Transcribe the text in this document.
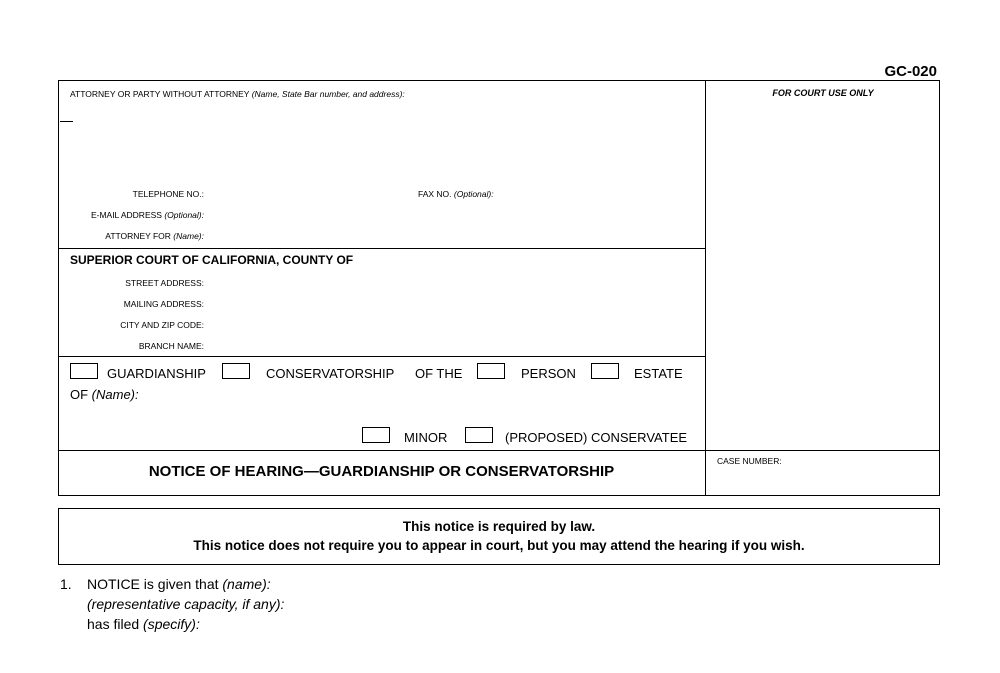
GC-020
ATTORNEY OR PARTY WITHOUT ATTORNEY (Name, State Bar number, and address):
TELEPHONE NO.:	FAX NO. (Optional):
E-MAIL ADDRESS (Optional):
ATTORNEY FOR (Name):
SUPERIOR COURT OF CALIFORNIA, COUNTY OF
STREET ADDRESS:
MAILING ADDRESS:
CITY AND ZIP CODE:
BRANCH NAME:
GUARDIANSHIP	CONSERVATORSHIP OF THE	PERSON	ESTATE
OF (Name):
MINOR	(PROPOSED) CONSERVATEE
NOTICE OF HEARING—GUARDIANSHIP OR CONSERVATORSHIP
FOR COURT USE ONLY
CASE NUMBER:
This notice is required by law.
This notice does not require you to appear in court, but you may attend the hearing if you wish.
1. NOTICE is given that (name):
(representative capacity, if any):
has filed (specify):
